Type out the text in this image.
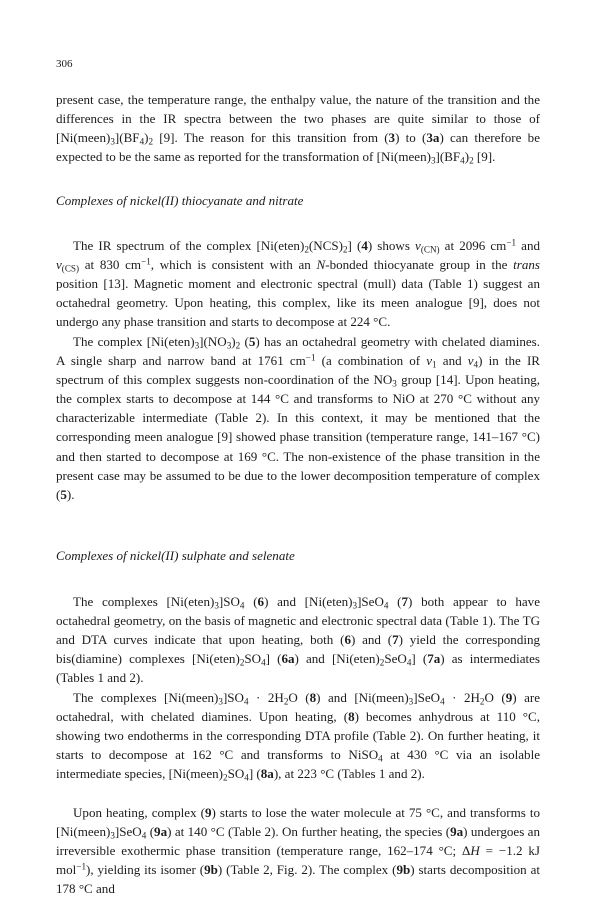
306

present case, the temperature range, the enthalpy value, the nature of the transition and the differences in the IR spectra between the two phases are quite similar to those of $[Ni(meen)_3](BF_4)_2$ [9]. The reason for this transition from (3) to (3a) can therefore be expected to be the same as reported for the transformation of $[Ni(meen)_3](BF_4)_2$ [9].

Complexes of nickel(II) thiocyanate and nitrate

The IR spectrum of the complex $[Ni(eten)_2(NCS)_2]$ (4) shows $\nu_{(CN)}$ at 2096 $cm^{-1}$ and $\nu_{(CS)}$ at 830 $cm^{-1}$, which is consistent with an N-bonded thiocyanate group in the trans position [13]. Magnetic moment and electronic spectral (mull) data (Table 1) suggest an octahedral geometry. Upon heating, this complex, like its meen analogue [9], does not undergo any phase transition and starts to decompose at 224 °C.

The complex $[Ni(eten)_3](NO_3)_2$ (5) has an octahedral geometry with chelated diamines. A single sharp and narrow band at 1761 $cm^{-1}$ (a combination of $\nu_1$ and $\nu_4$) in the IR spectrum of this complex suggests non-coordination of the $NO_3$ group [14]. Upon heating, the complex starts to decompose at 144 °C and transforms to NiO at 270 °C without any characterizable intermediate (Table 2). In this context, it may be mentioned that the corresponding meen analogue [9] showed phase transition (temperature range, 141–167 °C) and then started to decompose at 169 °C. The non-existence of the phase transition in the present case may be assumed to be due to the lower decomposition temperature of complex (5).

Complexes of nickel(II) sulphate and selenate

The complexes $[Ni(eten)_3]SO_4$ (6) and $[Ni(eten)_3]SeO_4$ (7) both appear to have octahedral geometry, on the basis of magnetic and electronic spectral data (Table 1). The TG and DTA curves indicate that upon heating, both (6) and (7) yield the corresponding bis(diamine) complexes $[Ni(eten)_2SO_4]$ (6a) and $[Ni(eten)_2SeO_4]$ (7a) as intermediates (Tables 1 and 2).

The complexes $[Ni(meen)_3]SO_4 \cdot 2H_2O$ (8) and $[Ni(meen)_3]SeO_4 \cdot 2H_2O$ (9) are octahedral, with chelated diamines. Upon heating, (8) becomes anhydrous at 110 °C, showing two endotherms in the corresponding DTA profile (Table 2). On further heating, it starts to decompose at 162 °C and transforms to NiSO$_4$ at 430 °C via an isolable intermediate species, $[Ni(meen)_2SO_4]$ (8a), at 223 °C (Tables 1 and 2).

Upon heating, complex (9) starts to lose the water molecule at 75 °C, and transforms to $[Ni(meen)_3]SeO_4$ (9a) at 140 °C (Table 2). On further heating, the species (9a) undergoes an irreversible exothermic phase transition (temperature range, 162–174 °C; ΔH = −1.2 kJ mol$^{-1}$), yielding its isomer (9b) (Table 2, Fig. 2). The complex (9b) starts decomposition at 178 °C and
